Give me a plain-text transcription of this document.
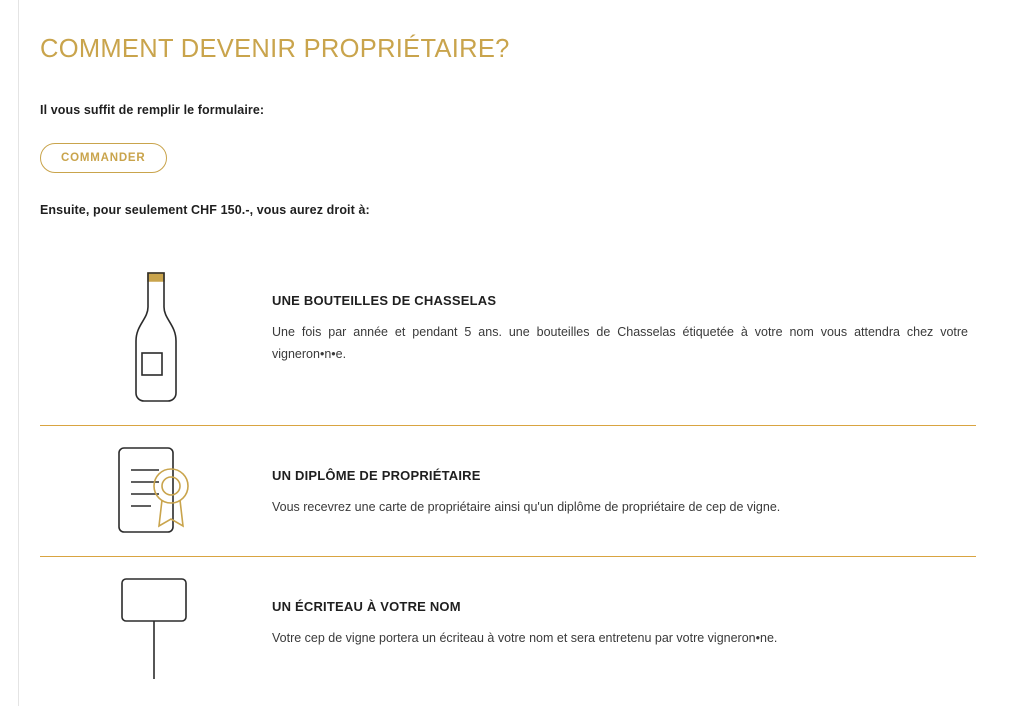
COMMENT DEVENIR PROPRIÉTAIRE?
Il vous suffit de remplir le formulaire:
COMMANDER
Ensuite, pour seulement CHF 150.-, vous aurez droit à:
UNE BOUTEILLES DE CHASSELAS

Une fois par année et pendant 5 ans. une bouteilles de Chasselas étiquetée à votre nom vous attendra chez votre vigneron•n•e.

UN DIPLÔME DE PROPRIÉTAIRE

Vous recevrez une carte de propriétaire ainsi qu'un diplôme de propriétaire de cep de vigne.

UN ÉCRITEAU À VOTRE NOM

Votre cep de vigne portera un écriteau à votre nom et sera entretenu par votre vigneron•ne.
